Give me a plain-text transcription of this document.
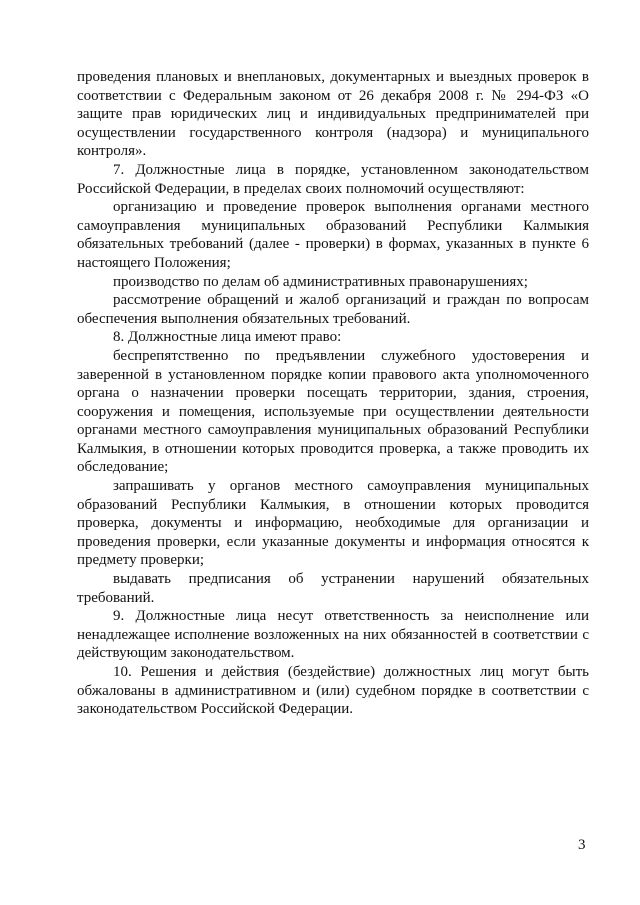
проведения плановых и внеплановых, документарных и выездных проверок в соответствии с Федеральным законом от 26 декабря 2008 г. № 294-ФЗ «О защите прав юридических лиц и индивидуальных предпринимателей при осуществлении государственного контроля (надзора) и муниципального контроля».

7. Должностные лица в порядке, установленном законодательством Российской Федерации, в пределах своих полномочий осуществляют:

организацию и проведение проверок выполнения органами местного самоуправления муниципальных образований Республики Калмыкия обязательных требований (далее - проверки) в формах, указанных в пункте 6 настоящего Положения;

производство по делам об административных правонарушениях;

рассмотрение обращений и жалоб организаций и граждан по вопросам обеспечения выполнения обязательных требований.

8. Должностные лица имеют право:

беспрепятственно по предъявлении служебного удостоверения и заверенной в установленном порядке копии правового акта уполномоченного органа о назначении проверки посещать территории, здания, строения, сооружения и помещения, используемые при осуществлении деятельности органами местного самоуправления муниципальных образований Республики Калмыкия, в отношении которых проводится проверка, а также проводить их обследование;

запрашивать у органов местного самоуправления муниципальных образований Республики Калмыкия, в отношении которых проводится проверка, документы и информацию, необходимые для организации и проведения проверки, если указанные документы и информация относятся к предмету проверки;

выдавать предписания об устранении нарушений обязательных требований.

9. Должностные лица несут ответственность за неисполнение или ненадлежащее исполнение возложенных на них обязанностей в соответствии с действующим законодательством.

10. Решения и действия (бездействие) должностных лиц могут быть обжалованы в административном и (или) судебном порядке в соответствии с законодательством Российской Федерации.

3
